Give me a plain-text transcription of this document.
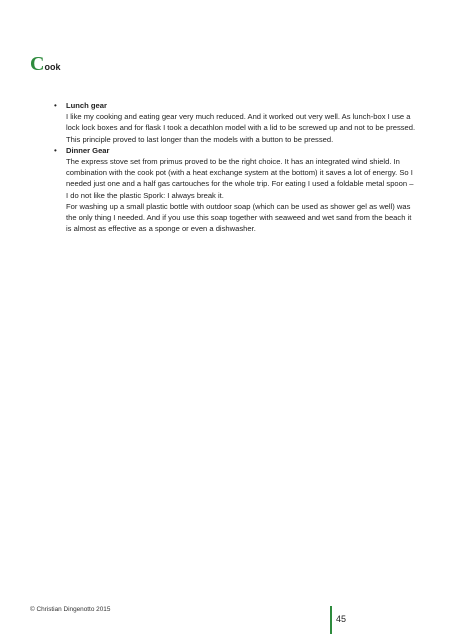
Cook
• Lunch gear
I like my cooking and eating gear very much reduced. And it worked out very well. As lunch-box I use a lock lock boxes and for flask I took a decathlon model with a lid to be screwed up and not to be pressed. This principle proved to last longer than the models with a button to be pressed.
• Dinner Gear
The express stove set from primus proved to be the right choice. It has an integrated wind shield. In combination with the cook pot (with a heat exchange system at the bottom) it saves a lot of energy. So I needed just one and a half gas cartouches for the whole trip. For eating I used a foldable metal spoon – I do not like the plastic Spork: I always break it.
For washing up a small plastic bottle with outdoor soap (which can be used as shower gel as well) was the only thing I needed. And if you use this soap together with seaweed and wet sand from the beach it is almost as effective as a sponge or even a dishwasher.
© Christian Dingenotto 2015
45
